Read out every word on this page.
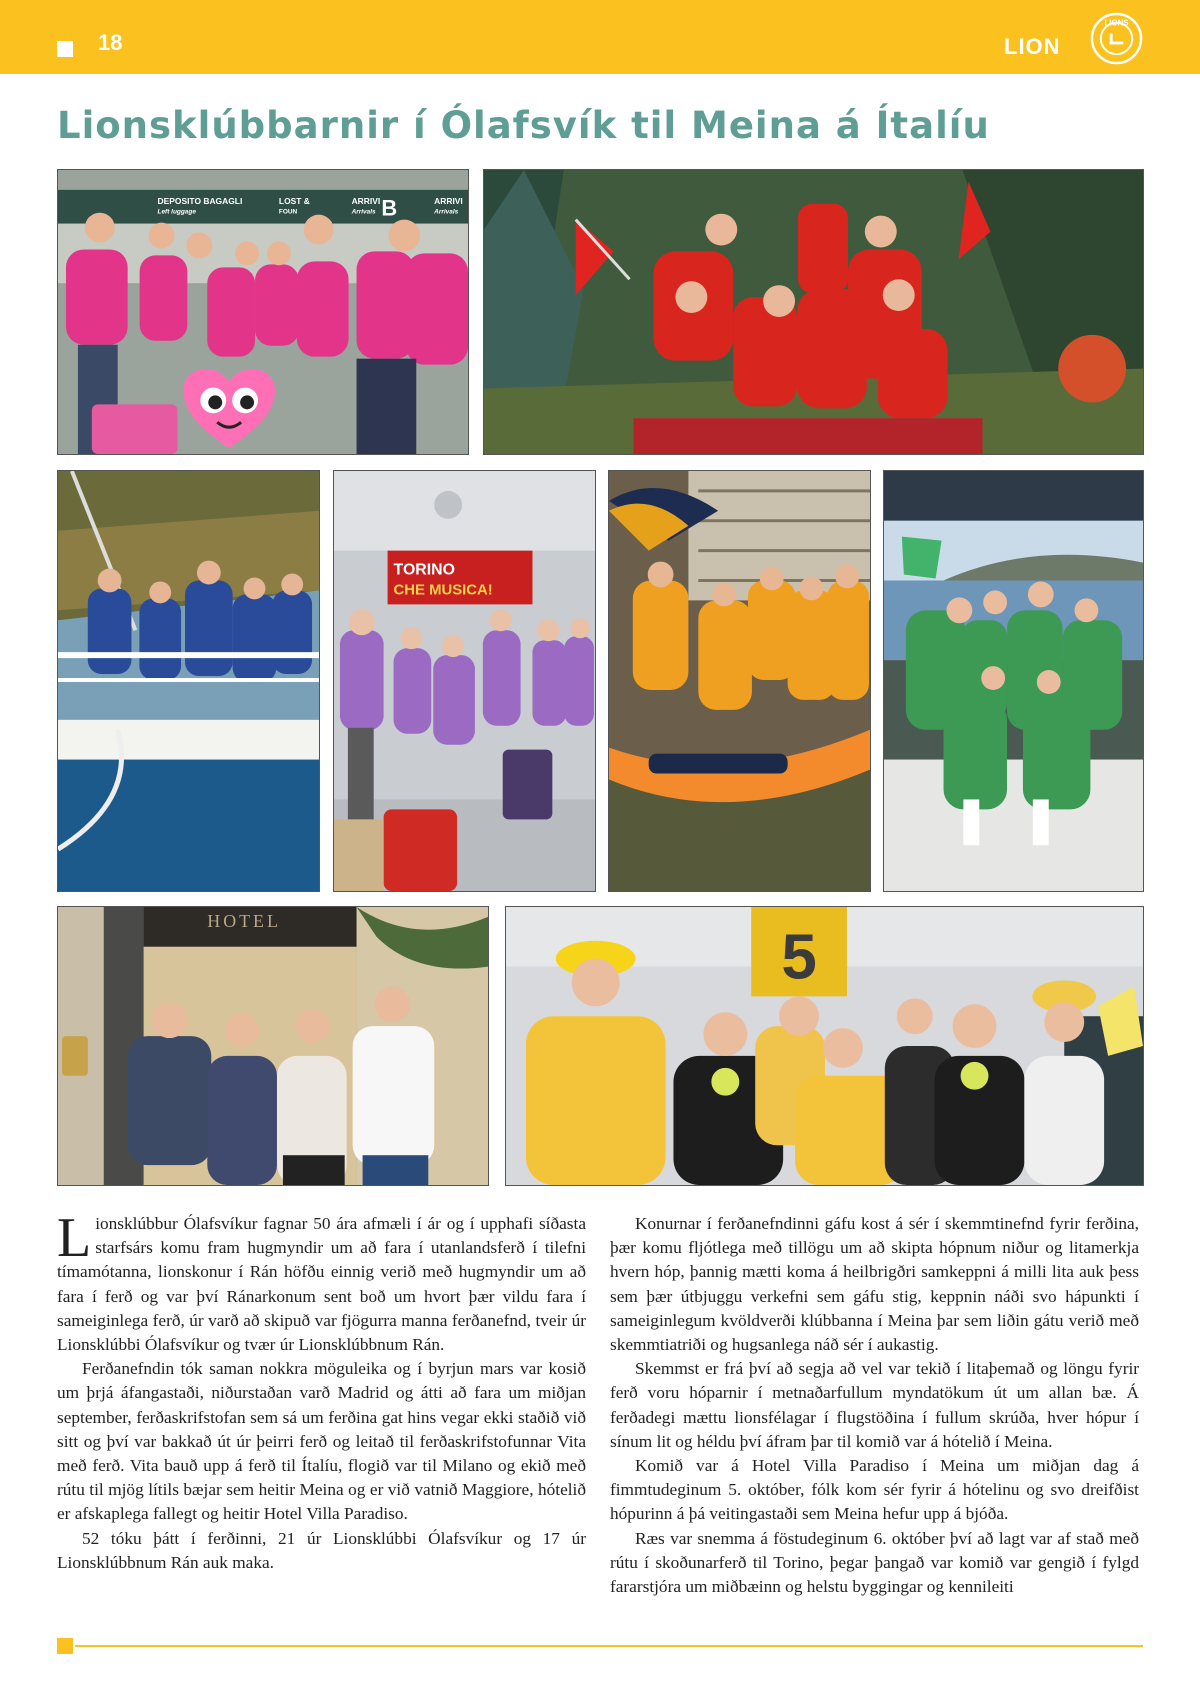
18	LION
LIONS
Lionsklúbbarnir í Ólafsvík til Meina á Ítalíu
DEPOSITO BAGAGLI
Left luggage
LOST &
FOUN
ARRIVI
Arrivals B	ARRIVI
Arrivals
TORINO
CHE MUSICA!
HOTEL
5

Lionsklúbbur Ólafsvíkur fagnar 50 ára afmæli í ár og í upphafi síðasta starfsárs komu fram hugmyndir um að fara í utanlandsferð í tilefni tímamótanna, lionskonur í Rán höfðu einnig verið með hugmyndir um að fara í ferð og var því Ránarkonum sent boð um hvort þær vildu fara í sameiginlega ferð, úr varð að skipuð var fjögurra manna ferðanefnd, tveir úr Lionsklúbbi Ólafsvíkur og tvær úr Lionsklúbbnum Rán.

Ferðanefndin tók saman nokkra möguleika og í byrjun mars var kosið um þrjá áfangastaði, niðurstaðan varð Madrid og átti að fara um miðjan september, ferðaskrifstofan sem sá um ferðina gat hins vegar ekki staðið við sitt og því var bakkað út úr þeirri ferð og leitað til ferðaskrifstofunnar Vita með ferð. Vita bauð upp á ferð til Ítalíu, flogið var til Milano og ekið með rútu til mjög lítils bæjar sem heitir Meina og er við vatnið Maggiore, hótelið er afskaplega fallegt og heitir Hotel Villa Paradiso.

52 tóku þátt í ferðinni, 21 úr Lionsklúbbi Ólafsvíkur og 17 úr Lionsklúbbnum Rán auk maka.

Konurnar í ferðanefndinni gáfu kost á sér í skemmtinefnd fyrir ferðina, þær komu fljótlega með tillögu um að skipta hópnum niður og litamerkja hvern hóp, þannig mætti koma á heilbrigðri samkeppni á milli lita auk þess sem þær útbjuggu verkefni sem gáfu stig, keppnin náði svo hápunkti í sameiginlegum kvöldverði klúbbanna í Meina þar sem liðin gátu verið með skemmtiatriði og hugsanlega náð sér í aukastig.

Skemmst er frá því að segja að vel var tekið í litaþemað og löngu fyrir ferð voru hóparnir í metnaðarfullum myndatökum út um allan bæ. Á ferðadegi mættu lionsfélagar í flugstöðina í fullum skrúða, hver hópur í sínum lit og héldu því áfram þar til komið var á hótelið í Meina.

Komið var á Hotel Villa Paradiso í Meina um miðjan dag á fimmtudeginum 5. október, fólk kom sér fyrir á hótelinu og svo dreifðist hópurinn á þá veitingastaði sem Meina hefur upp á bjóða.

Ræs var snemma á föstudeginum 6. október því að lagt var af stað með rútu í skoðunarferð til Torino, þegar þangað var komið var gengið í fylgd fararstjóra um miðbæinn og helstu byggingar og kennileiti
